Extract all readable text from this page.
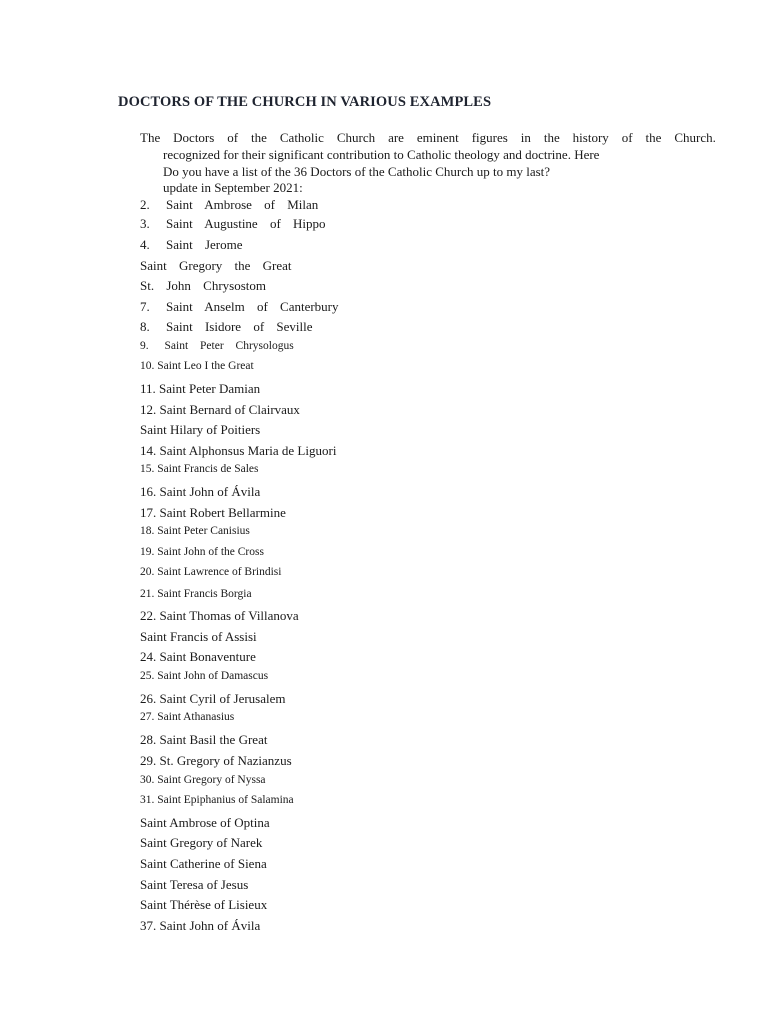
DOCTORS OF THE CHURCH IN VARIOUS EXAMPLES
The Doctors of the Catholic Church are eminent figures in the history of the Church.
recognized for their significant contribution to Catholic theology and doctrine. Here
Do you have a list of the 36 Doctors of the Catholic Church up to my last?
update in September 2021:
2. Saint Ambrose of Milan
3. Saint Augustine of Hippo
4. Saint Jerome
Saint Gregory the Great
St. John Chrysostom
7. Saint Anselm of Canterbury
8. Saint Isidore of Seville
9. Saint Peter Chrysologus
10. Saint Leo I the Great
11. Saint Peter Damian
12. Saint Bernard of Clairvaux
Saint Hilary of Poitiers
14. Saint Alphonsus Maria de Liguori
15. Saint Francis de Sales
16. Saint John of Ávila
17. Saint Robert Bellarmine
18. Saint Peter Canisius
19. Saint John of the Cross
20. Saint Lawrence of Brindisi
21. Saint Francis Borgia
22. Saint Thomas of Villanova
Saint Francis of Assisi
24. Saint Bonaventure
25. Saint John of Damascus
26. Saint Cyril of Jerusalem
27. Saint Athanasius
28. Saint Basil the Great
29. St. Gregory of Nazianzus
30. Saint Gregory of Nyssa
31. Saint Epiphanius of Salamina
Saint Ambrose of Optina
Saint Gregory of Narek
Saint Catherine of Siena
Saint Teresa of Jesus
Saint Thérèse of Lisieux
37. Saint John of Ávila
